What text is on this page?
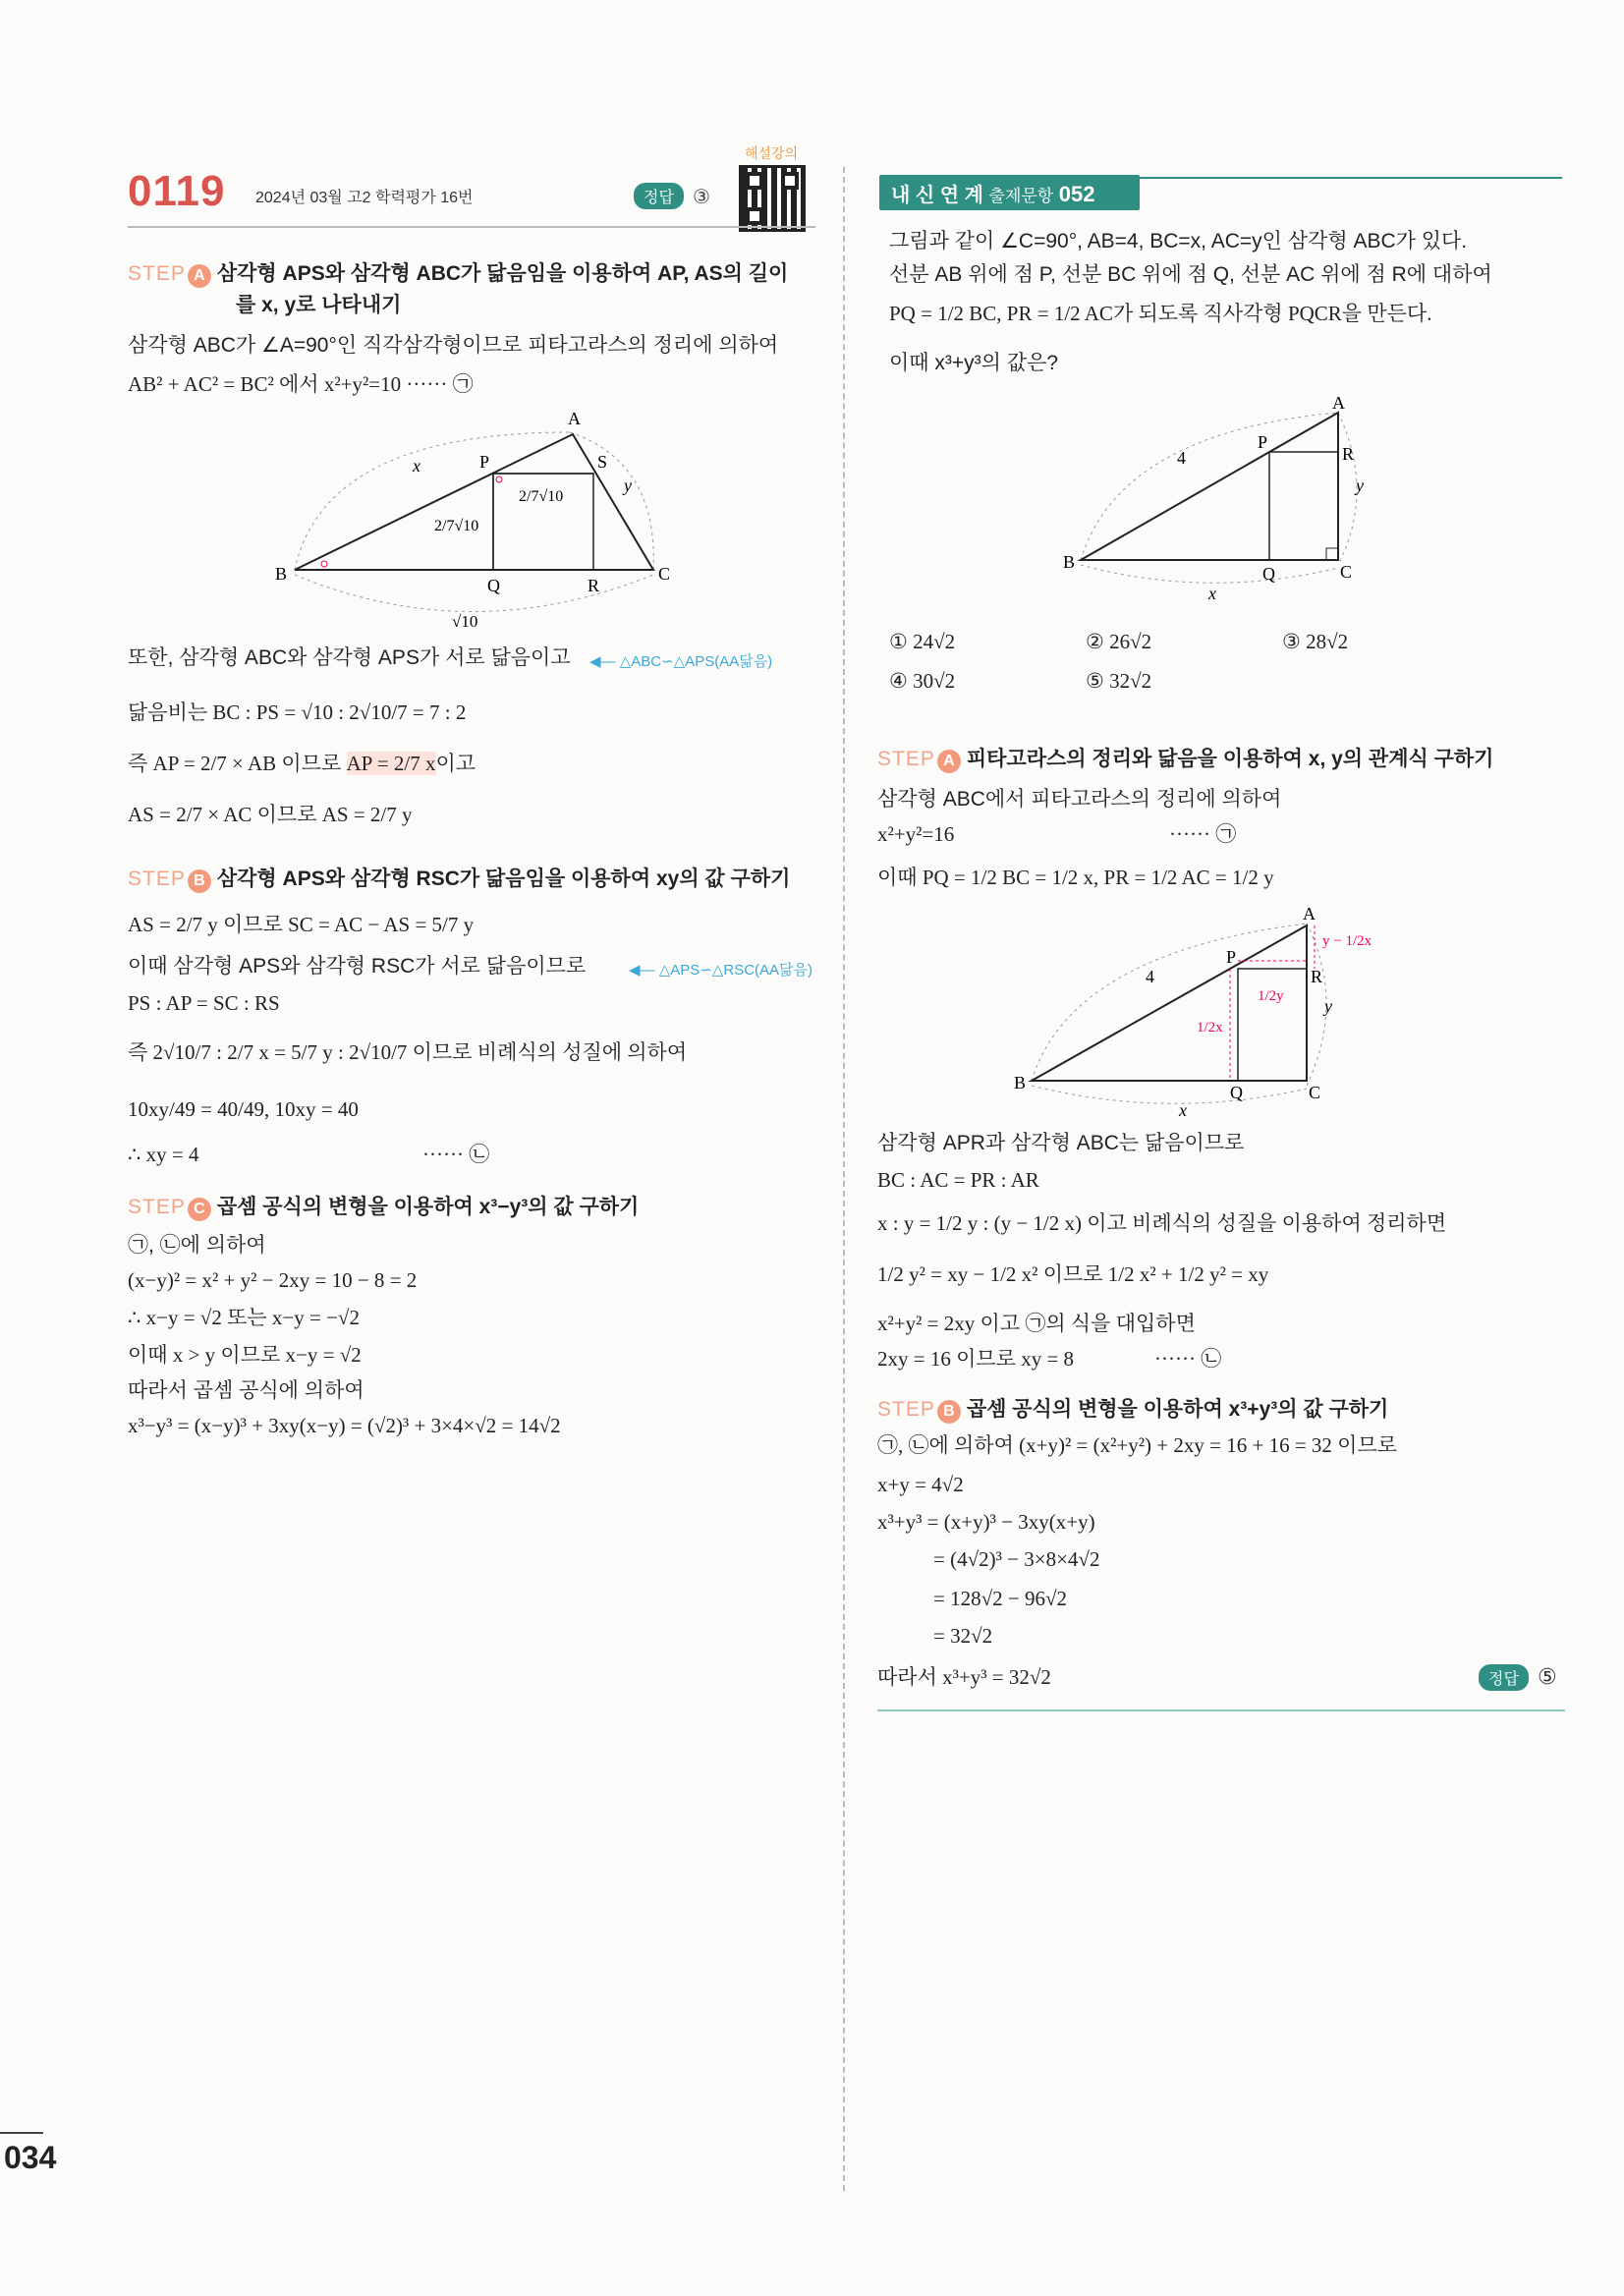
0119 2024년 03월 고2 학력평가 16번	정답 ③
해설강의
STEP A 삼각형 APS와 삼각형 ABC가 닮음임을 이용하여 AP, AS의 길이
를 x, y로 나타내기
삼각형 ABC가 ∠A=90°인 직각삼각형이므로 피타고라스의 정리에 의하여
AB² + AC² = BC² 에서 x²+y²=10 ······ ㉠
A
B	C
P	S
Q	R
x
y
2/7√10
2/7√10
√10
또한, 삼각형 ABC와 삼각형 APS가 서로 닮음이고 ◀— △ABC∽△APS(AA닮음)
닮음비는 BC : PS = √10 : 2√10/7 = 7 : 2
즉 AP = 2/7 × AB 이므로 AP = 2/7 x이고
AS = 2/7 × AC 이므로 AS = 2/7 y
STEP B 삼각형 APS와 삼각형 RSC가 닮음임을 이용하여 xy의 값 구하기
AS = 2/7 y 이므로 SC = AC − AS = 5/7 y
이때 삼각형 APS와 삼각형 RSC가 서로 닮음이므로	◀— △APS∽△RSC(AA닮음)
PS : AP = SC : RS
즉 2√10/7 : 2/7 x = 5/7 y : 2√10/7 이므로 비례식의 성질에 의하여
10xy/49 = 40/49, 10xy = 40
∴ xy = 4	······ ㉡
STEP C 곱셈 공식의 변형을 이용하여 x³−y³의 값 구하기
㉠, ㉡에 의하여
(x−y)² = x² + y² − 2xy = 10 − 8 = 2
∴ x−y = √2 또는 x−y = −√2
이때 x > y 이므로 x−y = √2
따라서 곱셈 공식에 의하여
x³−y³ = (x−y)³ + 3xy(x−y) = (√2)³ + 3×4×√2 = 14√2
내 신 연 계 출제문항 052
그림과 같이 ∠C=90°, AB=4, BC=x, AC=y인 삼각형 ABC가 있다.
선분 AB 위에 점 P, 선분 BC 위에 점 Q, 선분 AC 위에 점 R에 대하여
PQ = 1/2 BC, PR = 1/2 AC가 되도록 직사각형 PQCR을 만든다.
이때 x³+y³의 값은?
A
B	C
P
Q
R
4
x
y
① 24√2	② 26√2	③ 28√2
④ 30√2	⑤ 32√2
STEP A 피타고라스의 정리와 닮음을 이용하여 x, y의 관계식 구하기
삼각형 ABC에서 피타고라스의 정리에 의하여
x²+y²=16	······ ㉠
이때 PQ = 1/2 BC = 1/2 x, PR = 1/2 AC = 1/2 y
A
B	C
P
Q
R
4
x
y
1/2x
1/2y
y − 1/2x
삼각형 APR과 삼각형 ABC는 닮음이므로
BC : AC = PR : AR
x : y = 1/2 y : (y − 1/2 x) 이고 비례식의 성질을 이용하여 정리하면
1/2 y² = xy − 1/2 x² 이므로 1/2 x² + 1/2 y² = xy
x²+y² = 2xy 이고 ㉠의 식을 대입하면
2xy = 16 이므로 xy = 8	······ ㉡
STEP B 곱셈 공식의 변형을 이용하여 x³+y³의 값 구하기
㉠, ㉡에 의하여 (x+y)² = (x²+y²) + 2xy = 16 + 16 = 32 이므로
x+y = 4√2
x³+y³ = (x+y)³ − 3xy(x+y)
= (4√2)³ − 3×8×4√2
= 128√2 − 96√2
= 32√2
따라서 x³+y³ = 32√2	정답 ⑤
034
